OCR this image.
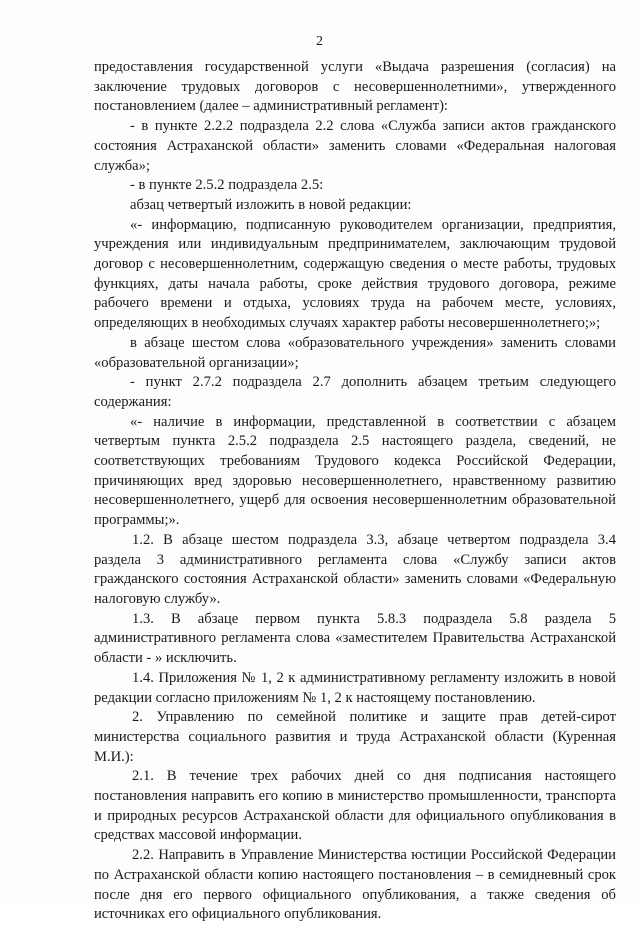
2

предоставления государственной услуги «Выдача разрешения (согласия) на заключение трудовых договоров с несовершеннолетними», утвержденного постановлением (далее – административный регламент):

- в пункте 2.2.2 подраздела 2.2 слова «Служба записи актов гражданского состояния Астраханской области» заменить словами «Федеральная налоговая служба»;

- в пункте 2.5.2 подраздела 2.5:

абзац четвертый изложить в новой редакции:

«- информацию, подписанную руководителем организации, предприятия, учреждения или индивидуальным предпринимателем, заключающим трудовой договор с несовершеннолетним, содержащую сведения о месте работы, трудовых функциях, даты начала работы, сроке действия трудового договора, режиме рабочего времени и отдыха, условиях труда на рабочем месте, условиях, определяющих в необходимых случаях характер работы несовершеннолетнего;»;

в абзаце шестом слова «образовательного учреждения» заменить словами «образовательной организации»;

- пункт 2.7.2 подраздела 2.7 дополнить абзацем третьим следующего содержания:

«- наличие в информации, представленной в соответствии с абзацем четвертым пункта 2.5.2 подраздела 2.5 настоящего раздела, сведений, не соответствующих требованиям Трудового кодекса Российской Федерации, причиняющих вред здоровью несовершеннолетнего, нравственному развитию несовершеннолетнего, ущерб для освоения несовершеннолетним образовательной программы;».

1.2. В абзаце шестом подраздела 3.3, абзаце четвертом подраздела 3.4 раздела 3 административного регламента слова «Службу записи актов гражданского состояния Астраханской области» заменить словами «Федеральную налоговую службу».

1.3. В абзаце первом пункта 5.8.3 подраздела 5.8 раздела 5 административного регламента слова «заместителем Правительства Астраханской области - » исключить.

1.4. Приложения № 1, 2 к административному регламенту изложить в новой редакции согласно приложениям № 1, 2 к настоящему постановлению.

2. Управлению по семейной политике и защите прав детей-сирот министерства социального развития и труда Астраханской области (Куренная М.И.):

2.1. В течение трех рабочих дней со дня подписания настоящего постановления направить его копию в министерство промышленности, транспорта и природных ресурсов Астраханской области для официального опубликования в средствах массовой информации.

2.2. Направить в Управление Министерства юстиции Российской Федерации по Астраханской области копию настоящего постановления – в семидневный срок после дня его первого официального опубликования, а также сведения об источниках его официального опубликования.
